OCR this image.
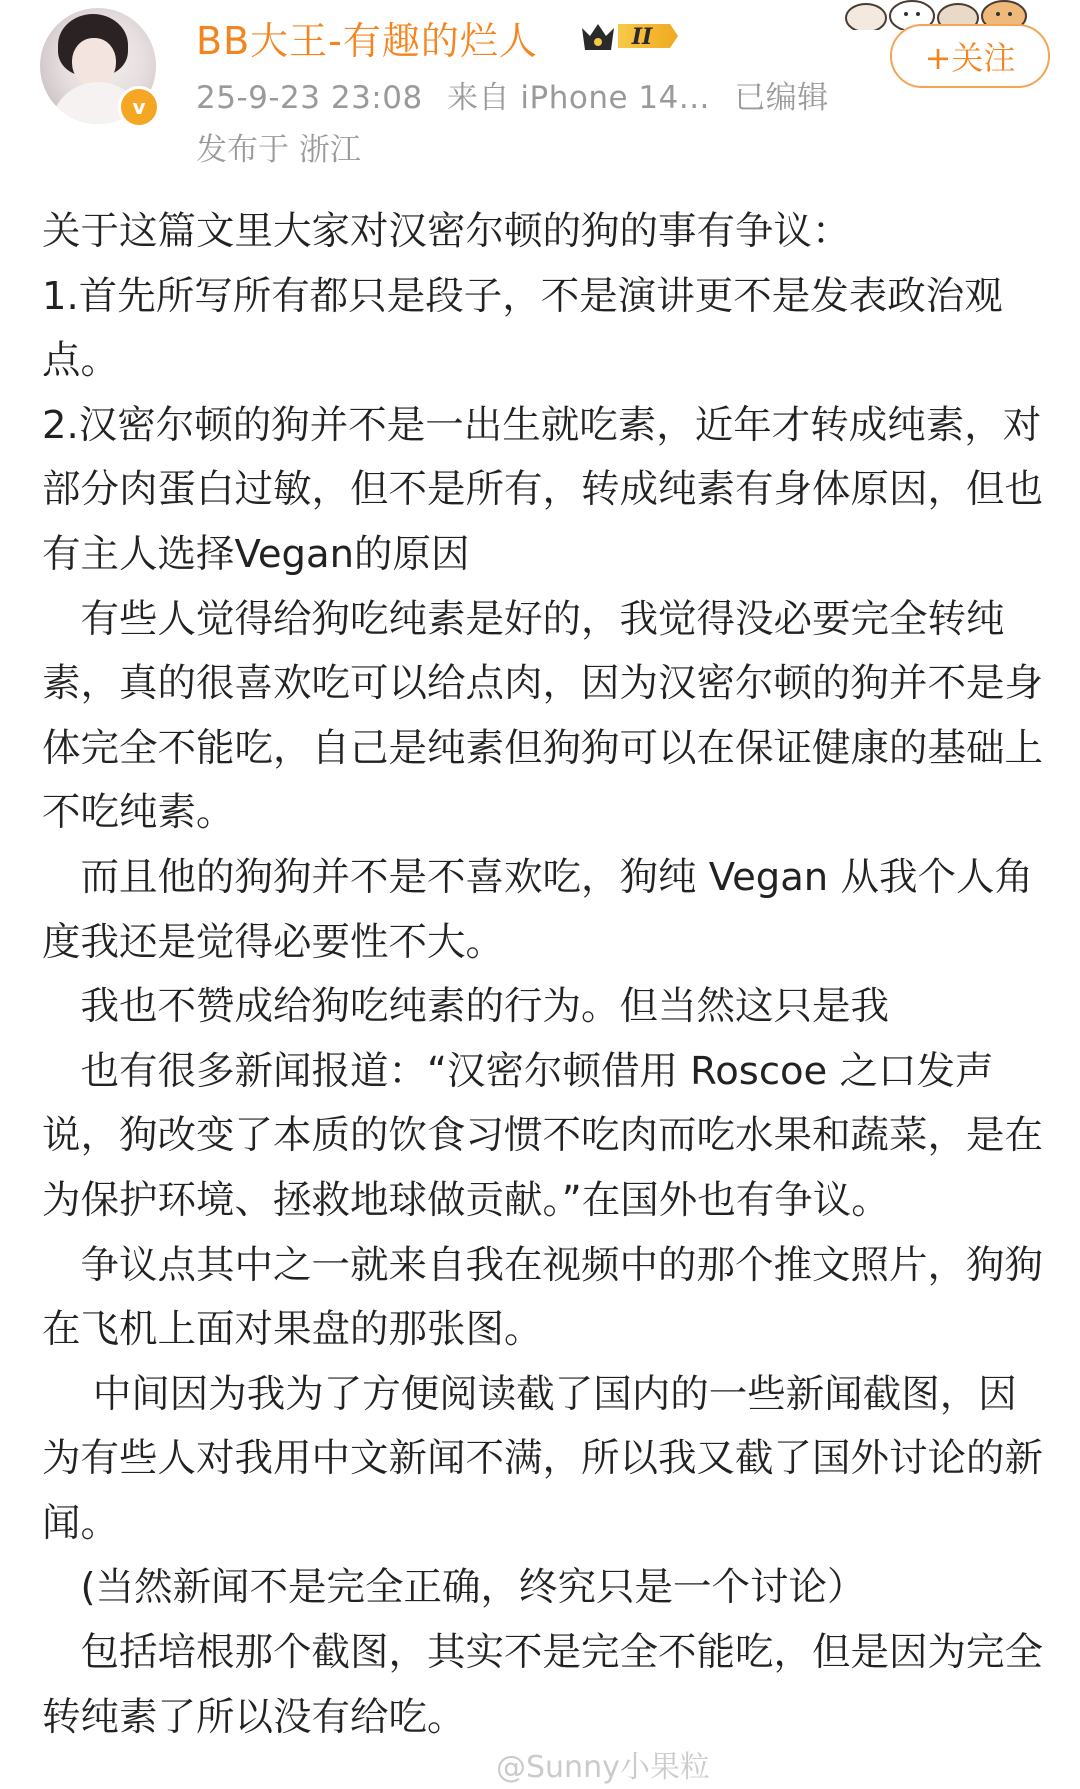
v
BB大王-有趣的烂人	II
25-9-23 23:08 来自 iPhone 14... 已编辑
发布于 浙江
+关注

关于这篇文里大家对汉密尔顿的狗的事有争议：

1.首先所写所有都只是段子，不是演讲更不是发表政治观点。

2.汉密尔顿的狗并不是一出生就吃素，近年才转成纯素，对部分肉蛋白过敏，但不是所有，转成纯素有身体原因，但也有主人选择Vegan的原因

　有些人觉得给狗吃纯素是好的，我觉得没必要完全转纯素，真的很喜欢吃可以给点肉，因为汉密尔顿的狗并不是身体完全不能吃，自己是纯素但狗狗可以在保证健康的基础上不吃纯素。

　而且他的狗狗并不是不喜欢吃，狗纯 Vegan 从我个人角度我还是觉得必要性不大。

　我也不赞成给狗吃纯素的行为。但当然这只是我

　也有很多新闻报道：“汉密尔顿借用 Roscoe 之口发声说，狗改变了本质的饮食习惯不吃肉而吃水果和蔬菜，是在为保护环境、拯救地球做贡献。”在国外也有争议。

　争议点其中之一就来自我在视频中的那个推文照片，狗狗在飞机上面对果盘的那张图。

　 中间因为我为了方便阅读截了国内的一些新闻截图，因为有些人对我用中文新闻不满，所以我又截了国外讨论的新闻。

　(当然新闻不是完全正确，终究只是一个讨论）

　包括培根那个截图，其实不是完全不能吃，但是因为完全转纯素了所以没有给吃。

@Sunny小果粒
